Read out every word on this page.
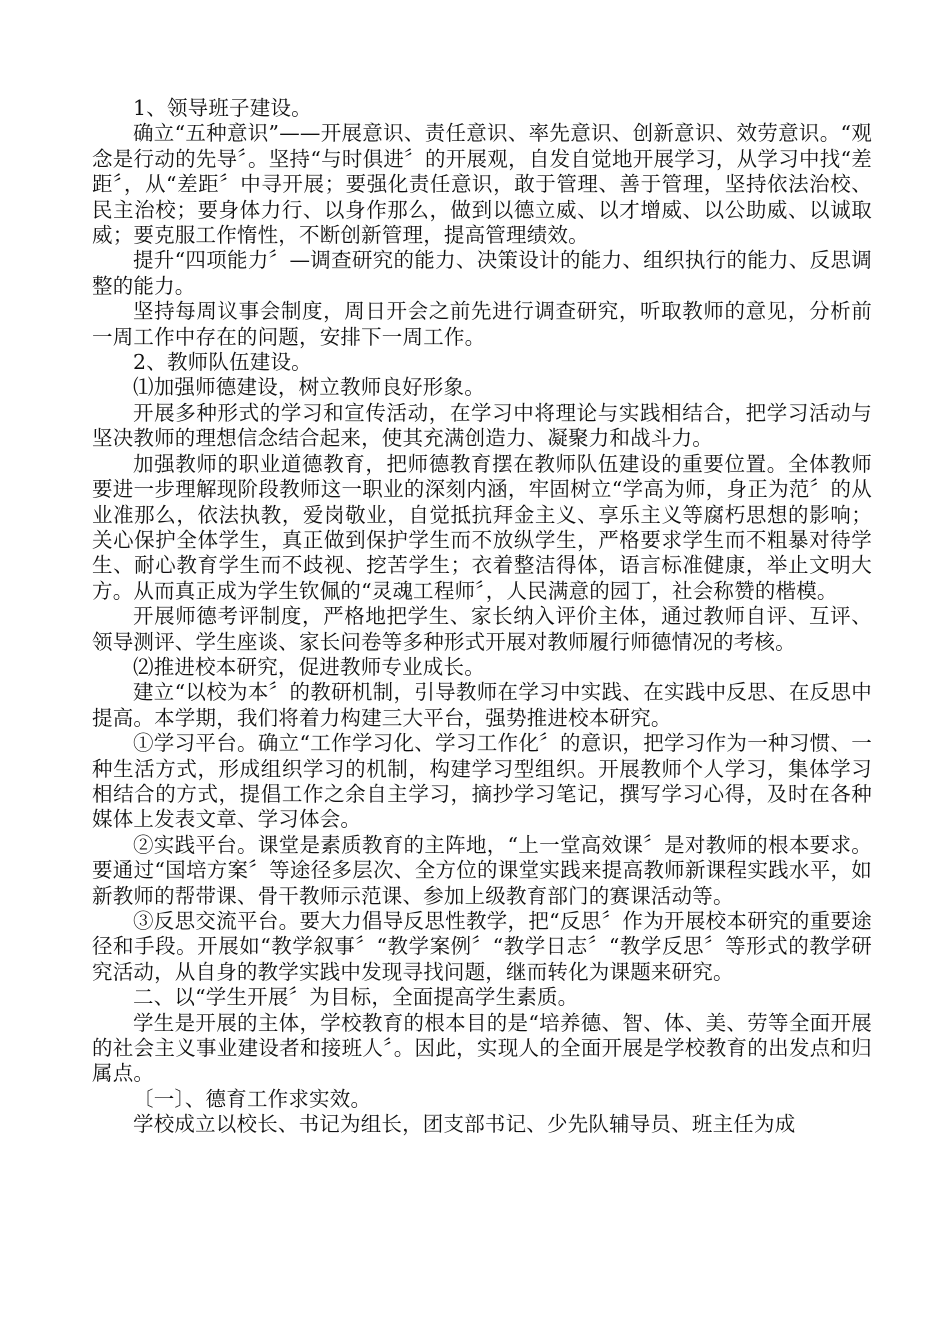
1、领导班子建设。

确立“五种意识”——开展意识、责任意识、率先意识、创新意识、效劳意识。“观念是行动的先导〞。坚持“与时俱进〞的开展观，自发自觉地开展学习，从学习中找“差距〞，从“差距〞中寻开展；要强化责任意识，敢于管理、善于管理，坚持依法治校、民主治校；要身体力行、以身作那么，做到以德立威、以才增威、以公助威、以诚取威；要克服工作惰性，不断创新管理，提高管理绩效。

提升“四项能力〞—调查研究的能力、决策设计的能力、组织执行的能力、反思调整的能力。

坚持每周议事会制度，周日开会之前先进行调查研究，听取教师的意见，分析前一周工作中存在的问题，安排下一周工作。

2、教师队伍建设。

⑴加强师德建设，树立教师良好形象。

开展多种形式的学习和宣传活动，在学习中将理论与实践相结合，把学习活动与坚决教师的理想信念结合起来，使其充满创造力、凝聚力和战斗力。

加强教师的职业道德教育，把师德教育摆在教师队伍建设的重要位置。全体教师要进一步理解现阶段教师这一职业的深刻内涵，牢固树立“学高为师，身正为范〞的从业准那么，依法执教，爱岗敬业，自觉抵抗拜金主义、享乐主义等腐朽思想的影响；关心保护全体学生，真正做到保护学生而不放纵学生，严格要求学生而不粗暴对待学生、耐心教育学生而不歧视、挖苦学生；衣着整洁得体，语言标准健康，举止文明大方。从而真正成为学生钦佩的“灵魂工程师〞，人民满意的园丁，社会称赞的楷模。

开展师德考评制度，严格地把学生、家长纳入评价主体，通过教师自评、互评、领导测评、学生座谈、家长问卷等多种形式开展对教师履行师德情况的考核。

⑵推进校本研究，促进教师专业成长。

建立“以校为本〞的教研机制，引导教师在学习中实践、在实践中反思、在反思中提高。本学期，我们将着力构建三大平台，强势推进校本研究。

①学习平台。确立“工作学习化、学习工作化〞的意识，把学习作为一种习惯、一种生活方式，形成组织学习的机制，构建学习型组织。开展教师个人学习，集体学习相结合的方式，提倡工作之余自主学习，摘抄学习笔记，撰写学习心得，及时在各种媒体上发表文章、学习体会。

②实践平台。课堂是素质教育的主阵地，“上一堂高效课〞是对教师的根本要求。要通过“国培方案〞等途径多层次、全方位的课堂实践来提高教师新课程实践水平，如新教师的帮带课、骨干教师示范课、参加上级教育部门的赛课活动等。

③反思交流平台。要大力倡导反思性教学，把“反思〞作为开展校本研究的重要途径和手段。开展如“教学叙事〞“教学案例〞“教学日志〞“教学反思〞等形式的教学研究活动，从自身的教学实践中发现寻找问题，继而转化为课题来研究。

二、以“学生开展〞为目标，全面提高学生素质。

学生是开展的主体，学校教育的根本目的是“培养德、智、体、美、劳等全面开展的社会主义事业建设者和接班人〞。因此，实现人的全面开展是学校教育的出发点和归属点。

〔一〕、德育工作求实效。

学校成立以校长、书记为组长，团支部书记、少先队辅导员、班主任为成
